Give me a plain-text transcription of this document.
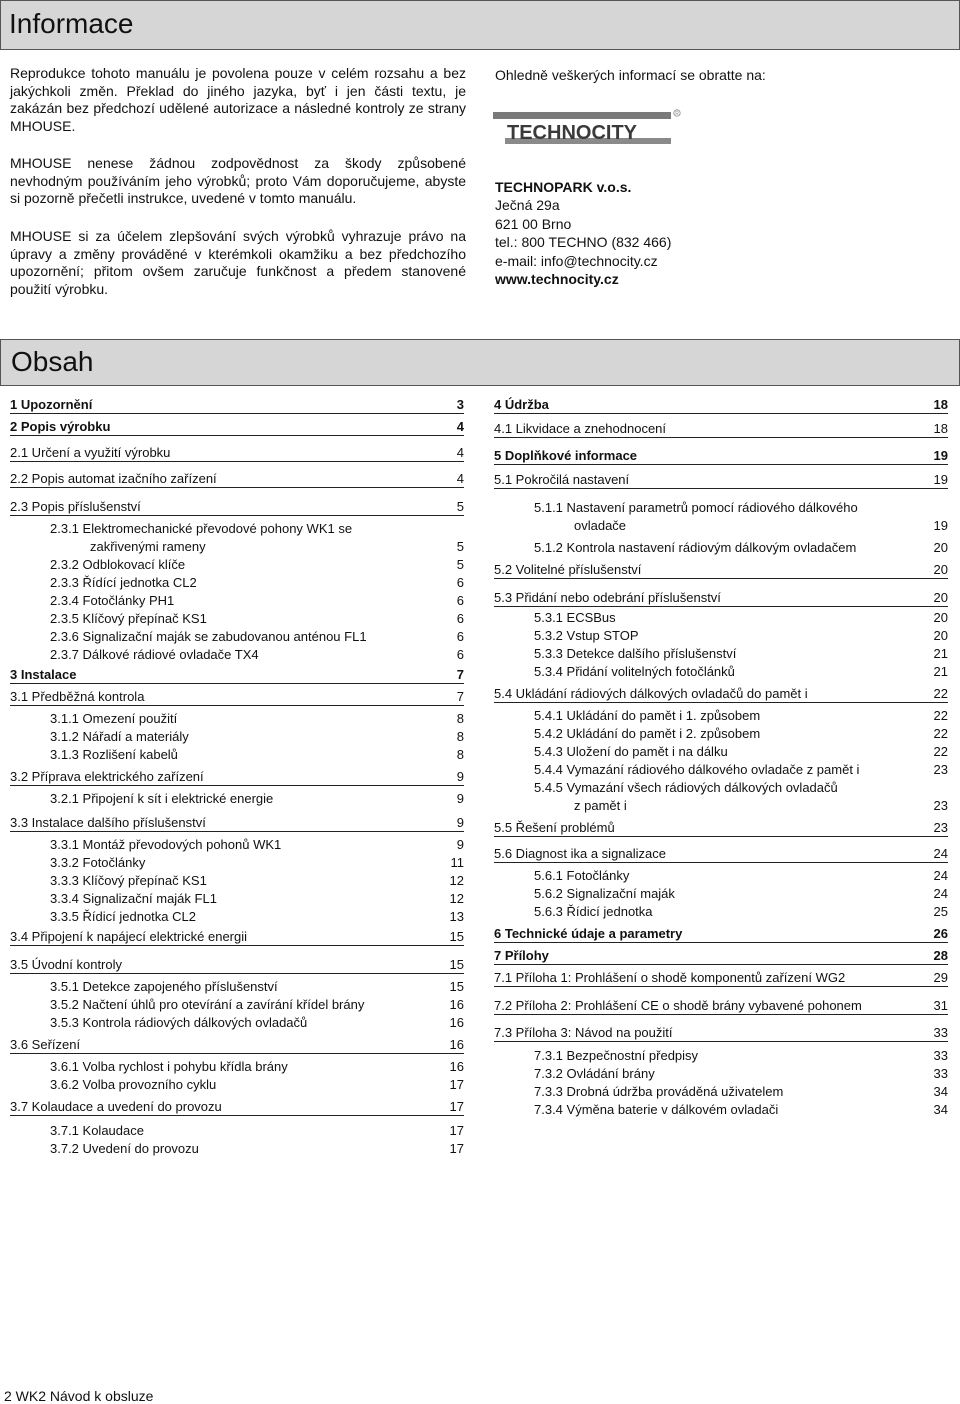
Informace

Reprodukce tohoto manuálu je povolena pouze v celém rozsahu a bez jakýchkoli změn. Překlad do jiného jazyka, byť i jen části textu, je zakázán bez předchozí udělené autorizace a následné kontroly ze strany MHOUSE.

MHOUSE nenese žádnou zodpovědnost za škody způsobené nevhodným používáním jeho výrobků; proto Vám doporučujeme, abyste si pozorně přečetli instrukce, uvedené v tomto manuálu.

MHOUSE si za účelem zlepšování svých výrobků vyhrazuje právo na úpravy a změny prováděné v kterémkoli okamžiku a bez předchozího upozornění; přitom ovšem zaručuje funkčnost a předem stanovené použití výrobku.

Ohledně veškerých informací se obratte na:
TECHNOCITY
R
TECHNOPARK v.o.s.
Ječná 29a
621 00 Brno
tel.: 800 TECHNO (832 466)
e-mail: info@technocity.cz
www.technocity.cz
Obsah
1 Upozornění	3
2 Popis výrobku	4
2.1 Určení a využití výrobku	4
2.2 Popis automat izačního zařízení	4
2.3 Popis příslušenství	5
2.3.1 Elektromechanické převodové pohony WK1 se
zakřivenými rameny	5
2.3.2 Odblokovací klíče	5
2.3.3 Řídící jednotka CL2	6
2.3.4 Fotočlánky PH1	6
2.3.5 Klíčový přepínač KS1	6
2.3.6 Signalizační maják se zabudovanou anténou FL1	6
2.3.7 Dálkové rádiové ovladače TX4	6
3 Instalace	7
3.1 Předběžná kontrola	7
3.1.1 Omezení použití	8
3.1.2 Nářadí a materiály	8
3.1.3 Rozlišení kabelů	8
3.2 Příprava elektrického zařízení	9
3.2.1 Připojení k sít i elektrické energie	9
3.3 Instalace dalšího příslušenství	9
3.3.1 Montáž převodových pohonů WK1	9
3.3.2 Fotočlánky	11
3.3.3 Klíčový přepínač KS1	12
3.3.4 Signalizační maják FL1	12
3.3.5 Řídicí jednotka CL2	13
3.4 Připojení k napájecí elektrické energii	15
3.5 Úvodní kontroly	15
3.5.1 Detekce zapojeného příslušenství	15
3.5.2 Načtení úhlů pro otevírání a zavírání křídel brány	16
3.5.3 Kontrola rádiových dálkových ovladačů	16
3.6 Seřízení	16
3.6.1 Volba rychlost i pohybu křídla brány	16
3.6.2 Volba provozního cyklu	17
3.7 Kolaudace a uvedení do provozu	17
3.7.1 Kolaudace	17
3.7.2 Uvedení do provozu	17
4 Údržba	18
4.1 Likvidace a znehodnocení	18
5 Doplňkové informace	19
5.1 Pokročilá nastavení	19
5.1.1 Nastavení parametrů pomocí rádiového dálkového
ovladače	19
5.1.2 Kontrola nastavení rádiovým dálkovým ovladačem	20
5.2 Volitelné příslušenství	20
5.3 Přidání nebo odebrání příslušenství	20
5.3.1 ECSBus	20
5.3.2 Vstup STOP	20
5.3.3 Detekce dalšího příslušenství	21
5.3.4 Přidání volitelných fotočlánků	21
5.4 Ukládání rádiových dálkových ovladačů do pamět i	22
5.4.1 Ukládání do pamět i 1. způsobem	22
5.4.2 Ukládání do pamět i 2. způsobem	22
5.4.3 Uložení do pamět i na dálku	22
5.4.4 Vymazání rádiového dálkového ovladače z pamět i	23
5.4.5 Vymazání všech rádiových dálkových ovladačů
z pamět i	23
5.5 Řešení problémů	23
5.6 Diagnost ika a signalizace	24
5.6.1 Fotočlánky	24
5.6.2 Signalizační maják	24
5.6.3 Řídicí jednotka	25
6 Technické údaje a parametry	26
7 Přílohy	28
7.1 Příloha 1: Prohlášení o shodě komponentů zařízení WG2	29
7.2 Příloha 2: Prohlášení CE o shodě brány vybavené pohonem	31
7.3 Příloha 3: Návod na použití	33
7.3.1 Bezpečnostní předpisy	33
7.3.2 Ovládání brány	33
7.3.3 Drobná údržba prováděná uživatelem	34
7.3.4 Výměna baterie v dálkovém ovladači	34
2 WK2 Návod k obsluze
